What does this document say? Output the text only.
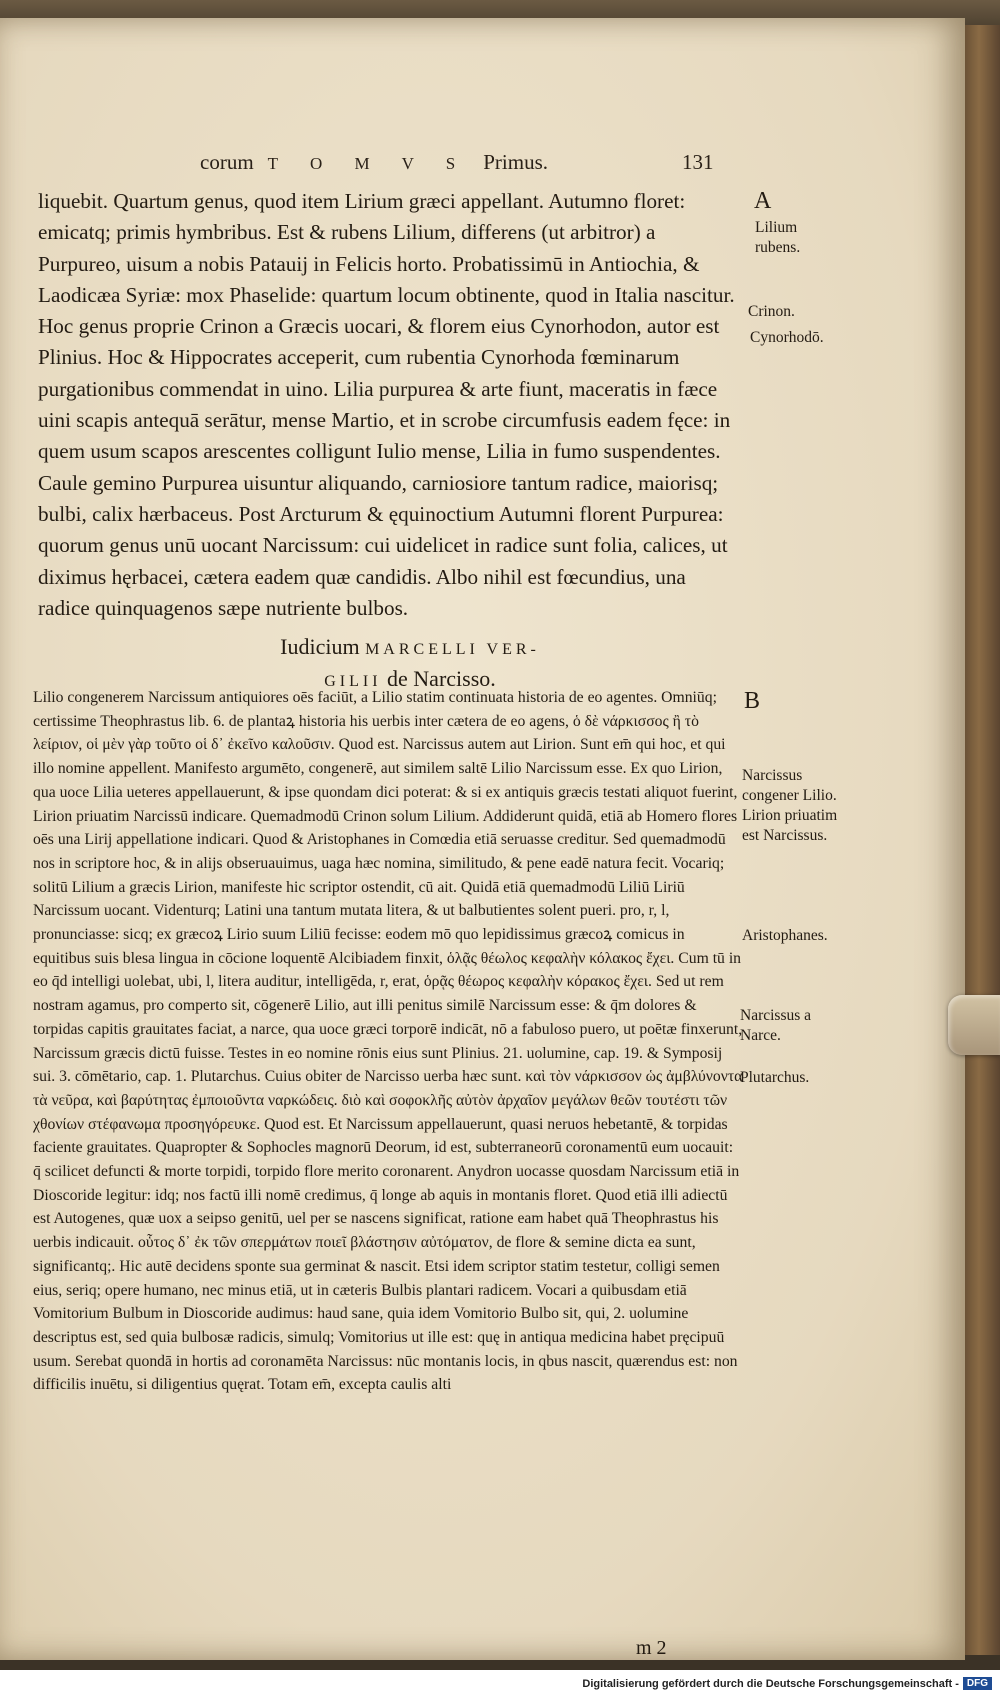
corum T O M V S Primus.	131

liquebit. Quartum genus, quod item Lirium græci appellant. Autumno floret: emicatq; primis hymbribus. Est & rubens Lilium, differens (ut arbitror) a Purpureo, uisum a nobis Patauij in Felicis horto. Probatissimū in Antiochia, & Laodicæa Syriæ: mox Phaselide: quartum locum obtinente, quod in Italia nascitur. Hoc genus proprie Crinon a Græcis uocari, & florem eius Cynorhodon, autor est Plinius. Hoc & Hippocrates acceperit, cum rubentia Cynorhoda fœminarum purgationibus commendat in uino. Lilia purpurea & arte fiunt, maceratis in fæce uini scapis antequā serātur, mense Martio, et in scrobe circumfusis eadem fęce: in quem usum scapos arescentes colligunt Iulio mense, Lilia in fumo suspendentes. Caule gemino Purpurea uisuntur aliquando, carniosiore tantum radice, maiorisq; bulbi, calix hærbaceus. Post Arcturum & ęquinoctium Autumni florent Purpurea: quorum genus unū uocant Narcissum: cui uidelicet in radice sunt folia, calices, ut diximus hęrbacei, cætera eadem quæ candidis. Albo nihil est fœcundius, una radice quinquagenos sæpe nutriente bulbos.

Iudicium MARCELLI VER-
GILII de Narcisso.

Lilio congenerem Narcissum antiquiores oēs faciūt, a Lilio statim continuata historia de eo agentes. Omniūq; certissime Theophrastus lib. 6. de plantaꝝ historia his uerbis inter cætera de eo agens, ὁ δὲ νάρκισσος ἢ τὸ λείριον, οἱ μὲν γὰρ τοῦτο οἱ δ᾽ ἐκεῖνο καλοῦσιν. Quod est. Narcissus autem aut Lirion. Sunt em̄ qui hoc, et qui illo nomine appellent. Manifesto argumēto, congenerē, aut similem saltē Lilio Narcissum esse. Ex quo Lirion, qua uoce Lilia ueteres appellauerunt, & ipse quondam dici poterat: & si ex antiquis græcis testati aliquot fuerint, Lirion priuatim Narcissū indicare. Quemadmodū Crinon solum Lilium. Addiderunt quidā, etiā ab Homero flores oēs una Lirij appellatione indicari. Quod & Aristophanes in Comœdia etiā seruasse creditur. Sed quemadmodū nos in scriptore hoc, & in alijs obseruauimus, uaga hæc nomina, similitudo, & pene eadē natura fecit. Vocariq; solitū Lilium a græcis Lirion, manifeste hic scriptor ostendit, cū ait. Quidā etiā quemadmodū Liliū Liriū Narcissum uocant. Videnturq; Latini una tantum mutata litera, & ut balbutientes solent pueri. pro, r, l, pronunciasse: sicq; ex græcoꝝ Lirio suum Liliū fecisse: eodem mō quo lepidissimus græcoꝝ comicus in equitibus suis blesa lingua in cōcione loquentē Alcibiadem finxit, ὁλᾷς θέωλος κεφαλὴν κόλακος ἔχει. Cum tū in eo q̄d intelligi uolebat, ubi, l, litera auditur, intelligēda, r, erat, ὁρᾷς θέωρος κεφαλὴν κόρακος ἔχει. Sed ut rem nostram agamus, pro comperto sit, cōgenerē Lilio, aut illi penitus similē Narcissum esse: & q̄m dolores & torpidas capitis grauitates faciat, a narce, qua uoce græci torporē indicāt, nō a fabuloso puero, ut poētæ finxerunt, Narcissum græcis dictū fuisse. Testes in eo nomine rōnis eius sunt Plinius. 21. uolumine, cap. 19. & Symposij sui. 3. cōmētario, cap. 1. Plutarchus. Cuius obiter de Narcisso uerba hæc sunt. καὶ τὸν νάρκισσον ὡς ἀμβλύνοντα τὰ νεῦρα, καὶ βαρύτητας ἐμποιοῦντα ναρκώδεις. διὸ καὶ σοφοκλῆς αὐτὸν ἀρχαῖον μεγάλων θεῶν τουτέστι τῶν χθονίων στέφανωμα προσηγόρευκε. Quod est. Et Narcissum appellauerunt, quasi neruos hebetantē, & torpidas faciente grauitates. Quapropter & Sophocles magnorū Deorum, id est, subterraneorū coronamentū eum uocauit: q̄ scilicet defuncti & morte torpidi, torpido flore merito coronarent. Anydron uocasse quosdam Narcissum etiā in Dioscoride legitur: idq; nos factū illi nomē credimus, q̄ longe ab aquis in montanis floret. Quod etiā illi adiectū est Autogenes, quæ uox a seipso genitū, uel per se nascens significat, ratione eam habet quā Theophrastus his uerbis indicauit. οὗτος δ᾽ ἐκ τῶν σπερμάτων ποιεῖ βλάστησιν αὐτόματον, de flore & semine dicta ea sunt, significantq;. Hic autē decidens sponte sua germinat & nascit. Etsi idem scriptor statim testetur, colligi semen eius, seriq; opere humano, nec minus etiā, ut in cæteris Bulbis plantari radicem. Vocari a quibusdam etiā Vomitorium Bulbum in Dioscoride audimus: haud sane, quia idem Vomitorio Bulbo sit, qui, 2. uolumine descriptus est, sed quia bulbosæ radicis, simulq; Vomitorius ut ille est: quę in antiqua medicina habet pręcipuū usum. Serebat quondā in hortis ad coronamēta Narcissus: nūc montanis locis, in qbus nascit, quærendus est: non difficilis inuētu, si diligentius quęrat. Totam em̄, excepta caulis alti

A
B
Lilium rubens.
Crinon.
Cynorhodō.
Narcissus congener Lilio. Lirion priuatim est Narcissus.
Aristophanes.
Narcissus a Narce.
Plutarchus.
m 2
Digitalisierung gefördert durch die Deutsche Forschungsgemeinschaft - DFG
